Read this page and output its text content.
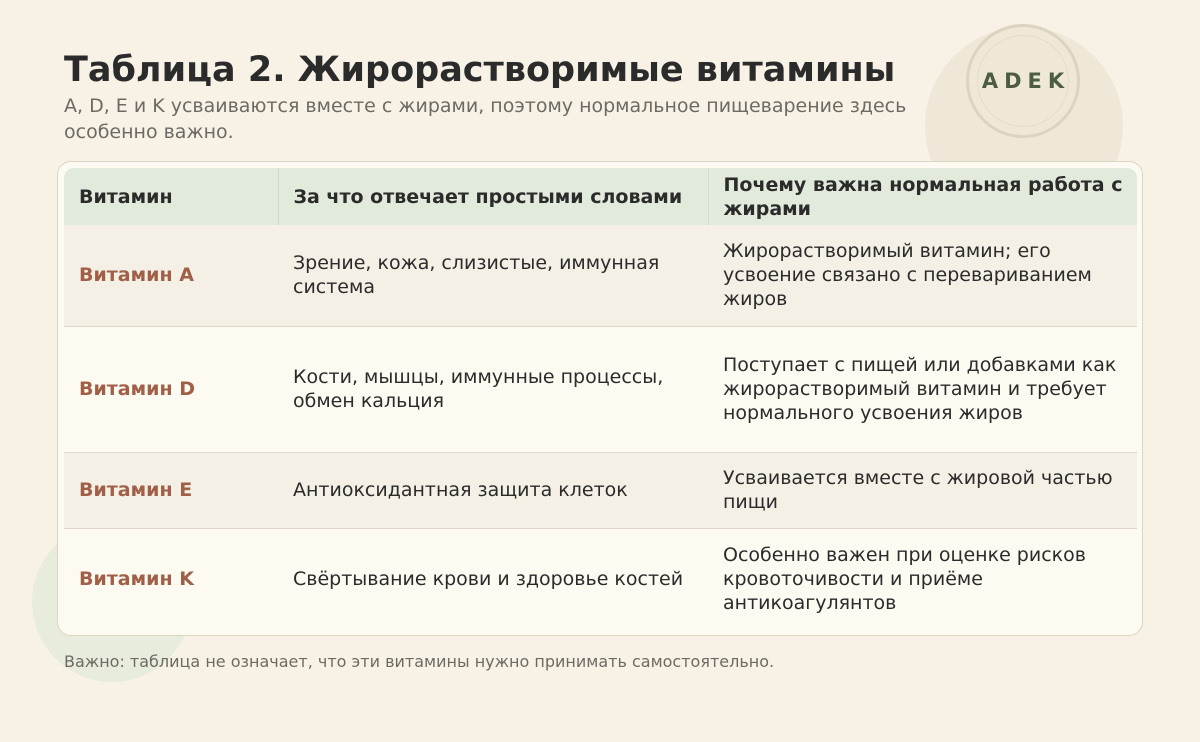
ADEK
Таблица 2. Жирорастворимые витамины
A, D, E и K усваиваются вместе с жирами, поэтому нормальное пищеварение здесь особенно важно.
Витамин	За что отвечает простыми словами	Почему важна нормальная работа с жирами
Витамин A	Зрение, кожа, слизистые, иммунная система	Жирорастворимый витамин; его усвоение связано с перевариванием жиров
Витамин D	Кости, мышцы, иммунные процессы, обмен кальция	Поступает с пищей или добавками как жирорастворимый витамин и требует нормального усвоения жиров
Витамин E	Антиоксидантная защита клеток	Усваивается вместе с жировой частью пищи
Витамин K	Свёртывание крови и здоровье костей	Особенно важен при оценке рисков кровоточивости и приёме антикоагулянтов
Важно: таблица не означает, что эти витамины нужно принимать самостоятельно.
